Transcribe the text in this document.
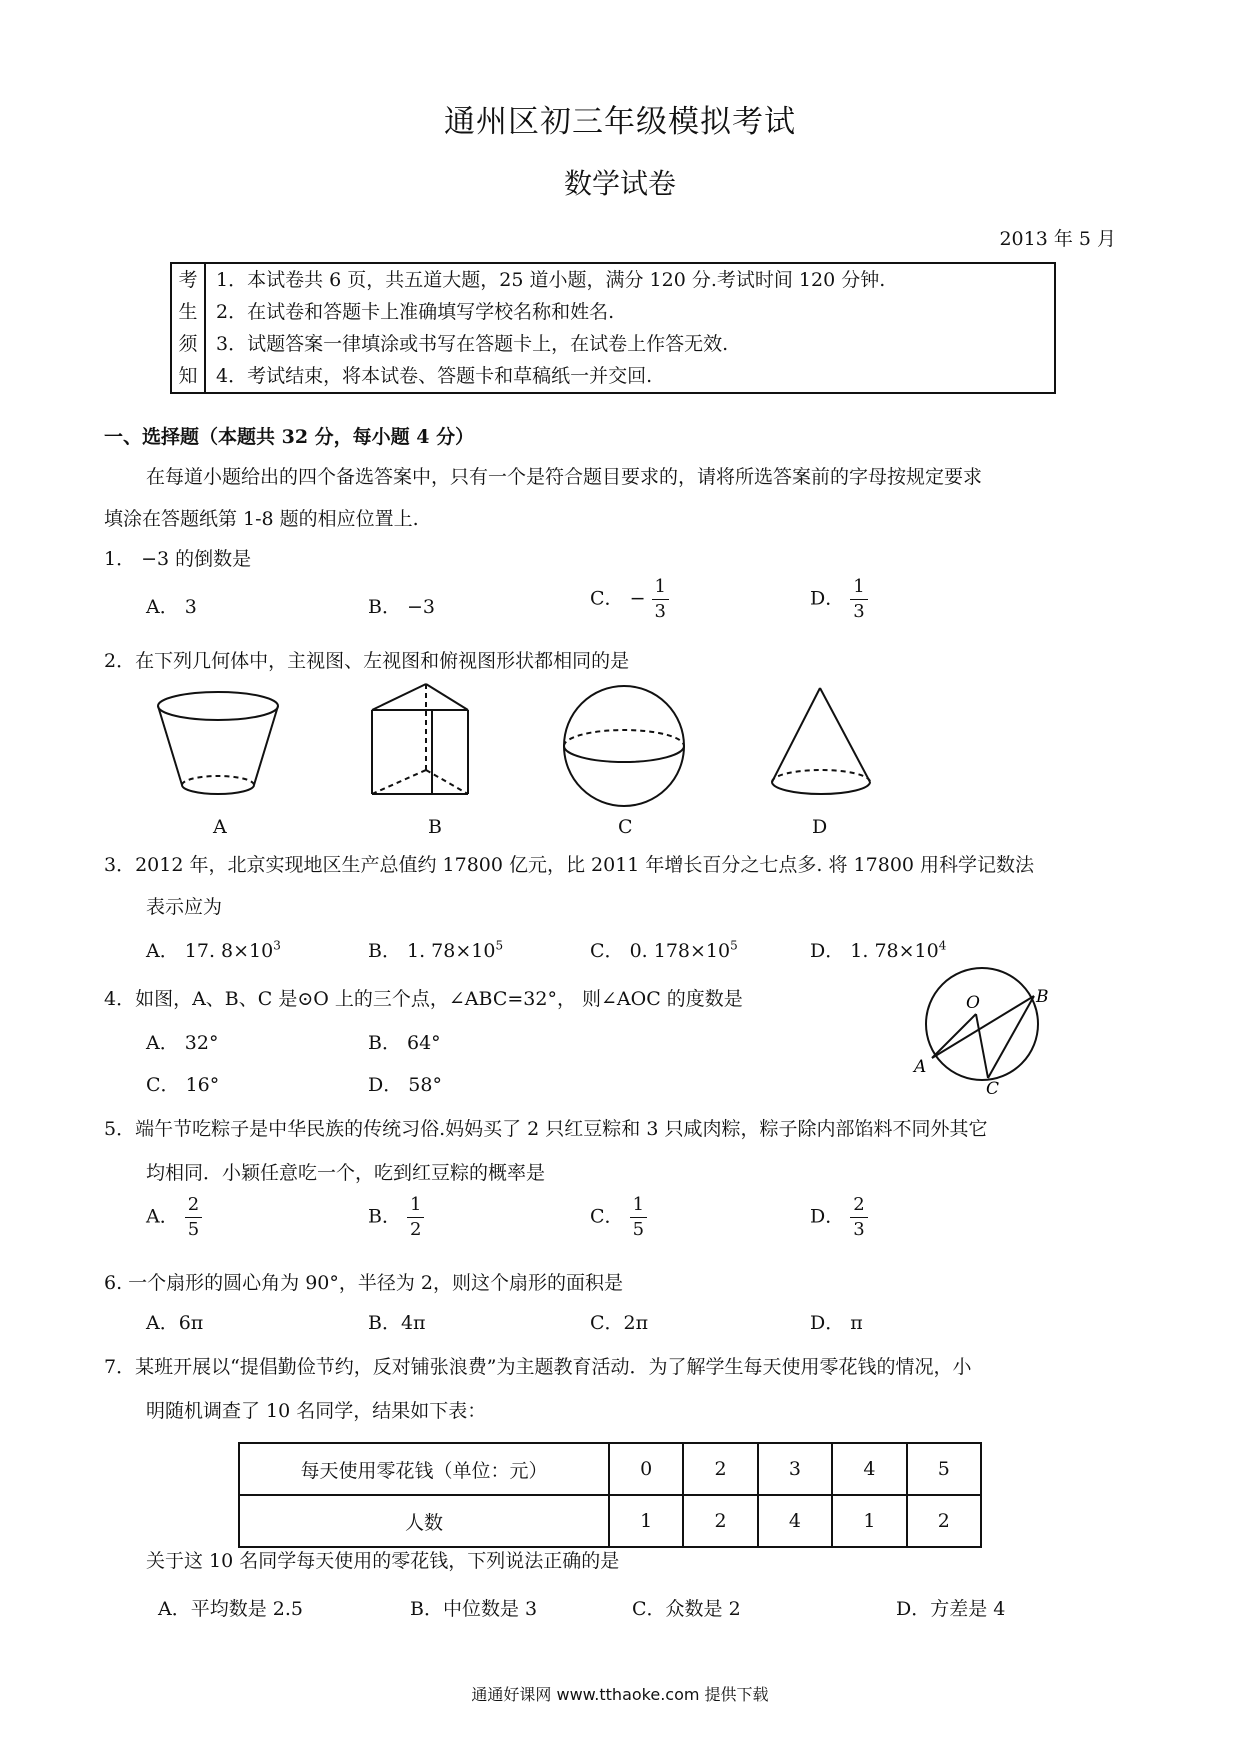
通州区初三年级模拟考试
数学试卷
2013 年 5 月
考
生
须
知

1．本试卷共 6 页，共五道大题，25 道小题，满分 120 分.考试时间 120 分钟.
2．在试卷和答题卡上准确填写学校名称和姓名.
3．试题答案一律填涂或书写在答题卡上，在试卷上作答无效.
4．考试结束，将本试卷、答题卡和草稿纸一并交回.
一、选择题（本题共 32 分，每小题 4 分）
在每道小题给出的四个备选答案中，只有一个是符合题目要求的，请将所选答案前的字母按规定要求
填涂在答题纸第 1-8 题的相应位置上.
1． −3 的倒数是
A． 3	B． −3	C． − $\frac{1}{3}$	D． $\frac{1}{3}$
2．在下列几何体中，主视图、左视图和俯视图形状都相同的是
A	B	C	D
3．2012 年，北京实现地区生产总值约 17800 亿元，比 2011 年增长百分之七点多. 将 17800 用科学记数法
表示应为
A． 17. $8\times 10^3$	B． 1. $78\times 10^5$	C． 0. $178\times 10^5$	D． 1. $78\times 10^4$
4．如图，A、B、C 是⊙O 上的三个点，∠ABC=32°， 则∠AOC 的度数是
A． 32°	B． 64°
C． 16°	D． 58°
O
A
B
C
5．端午节吃粽子是中华民族的传统习俗.妈妈买了 2 只红豆粽和 3 只咸肉粽，粽子除内部馅料不同外其它
均相同．小颖任意吃一个，吃到红豆粽的概率是
A． $\frac{2}{5}$	B． $\frac{1}{2}$	C． $\frac{1}{5}$	D． $\frac{2}{3}$
6. 一个扇形的圆心角为 90°，半径为 2，则这个扇形的面积是
A．6π	B．4π	C．2π	D． π
7．某班开展以“提倡勤俭节约，反对铺张浪费”为主题教育活动．为了解学生每天使用零花钱的情况，小
明随机调查了 10 名同学，结果如下表：
每天使用零花钱（单位：元）	0	2	3	4	5
人数	1	2	4	1	2
关于这 10 名同学每天使用的零花钱，下列说法正确的是
A．平均数是 2.5	B．中位数是 3	C．众数是 2	D．方差是 4
通通好课网 www.tthaoke.com 提供下载
